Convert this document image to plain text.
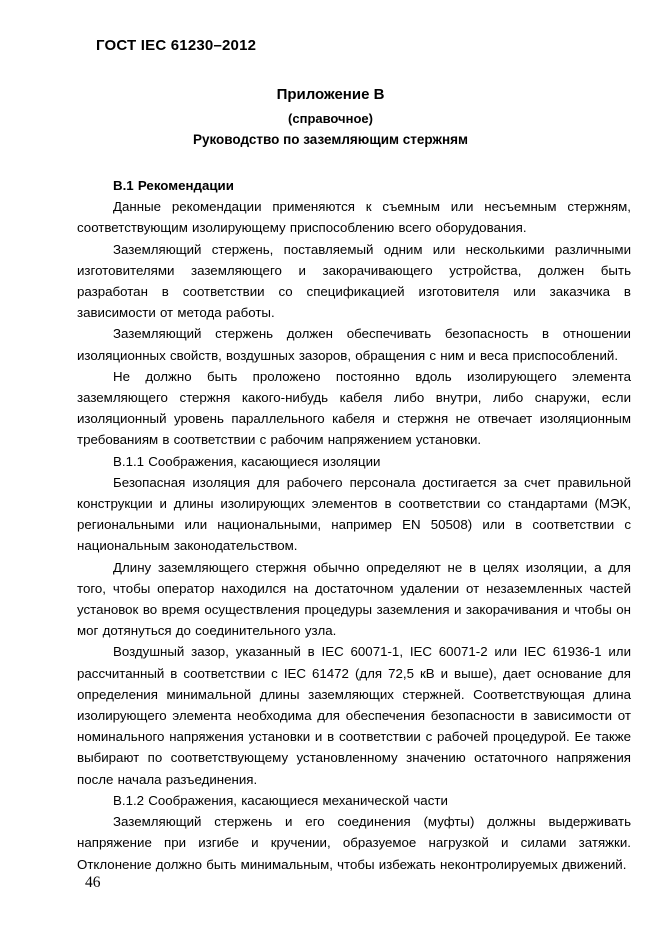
ГОСТ IEC 61230–2012
Приложение В
(справочное)
Руководство по заземляющим стержням

В.1 Рекомендации

Данные рекомендации применяются к съемным или несъемным стержням, соответствующим изолирующему приспособлению всего оборудования.

Заземляющий стержень, поставляемый одним или несколькими различными изготовителями заземляющего и закорачивающего устройства, должен быть разработан в соответствии со спецификацией изготовителя или заказчика в зависимости от метода работы.

Заземляющий стержень должен обеспечивать безопасность в отношении изоляционных свойств, воздушных зазоров, обращения с ним и веса приспособлений.

Не должно быть проложено постоянно вдоль изолирующего элемента заземляющего стержня какого-нибудь кабеля либо внутри, либо снаружи, если изоляционный уровень параллельного кабеля и стержня не отвечает изоляционным требованиям в соответствии с рабочим напряжением установки.

В.1.1 Соображения, касающиеся изоляции

Безопасная изоляция для рабочего персонала достигается за счет правильной конструкции и длины изолирующих элементов в соответствии со стандартами (МЭК, региональными или национальными, например EN 50508) или в соответствии с национальным законодательством.

Длину заземляющего стержня обычно определяют не в целях изоляции, а для того, чтобы оператор находился на достаточном удалении от незаземленных частей установок во время осуществления процедуры заземления и закорачивания и чтобы он мог дотянуться до соединительного узла.

Воздушный зазор, указанный в IEC 60071-1, IEC 60071-2 или IEC 61936-1 или рассчитанный в соответствии с IEC 61472 (для 72,5 кВ и выше), дает основание для определения минимальной длины заземляющих стержней. Соответствующая длина изолирующего элемента необходима для обеспечения безопасности в зависимости от номинального напряжения установки и в соответствии с рабочей процедурой. Ее также выбирают по соответствующему установленному значению остаточного напряжения после начала разъединения.

В.1.2 Соображения, касающиеся механической части

Заземляющий стержень и его соединения (муфты) должны выдерживать напряжение при изгибе и кручении, образуемое нагрузкой и силами затяжки. Отклонение должно быть минимальным, чтобы избежать неконтролируемых движений.

46
